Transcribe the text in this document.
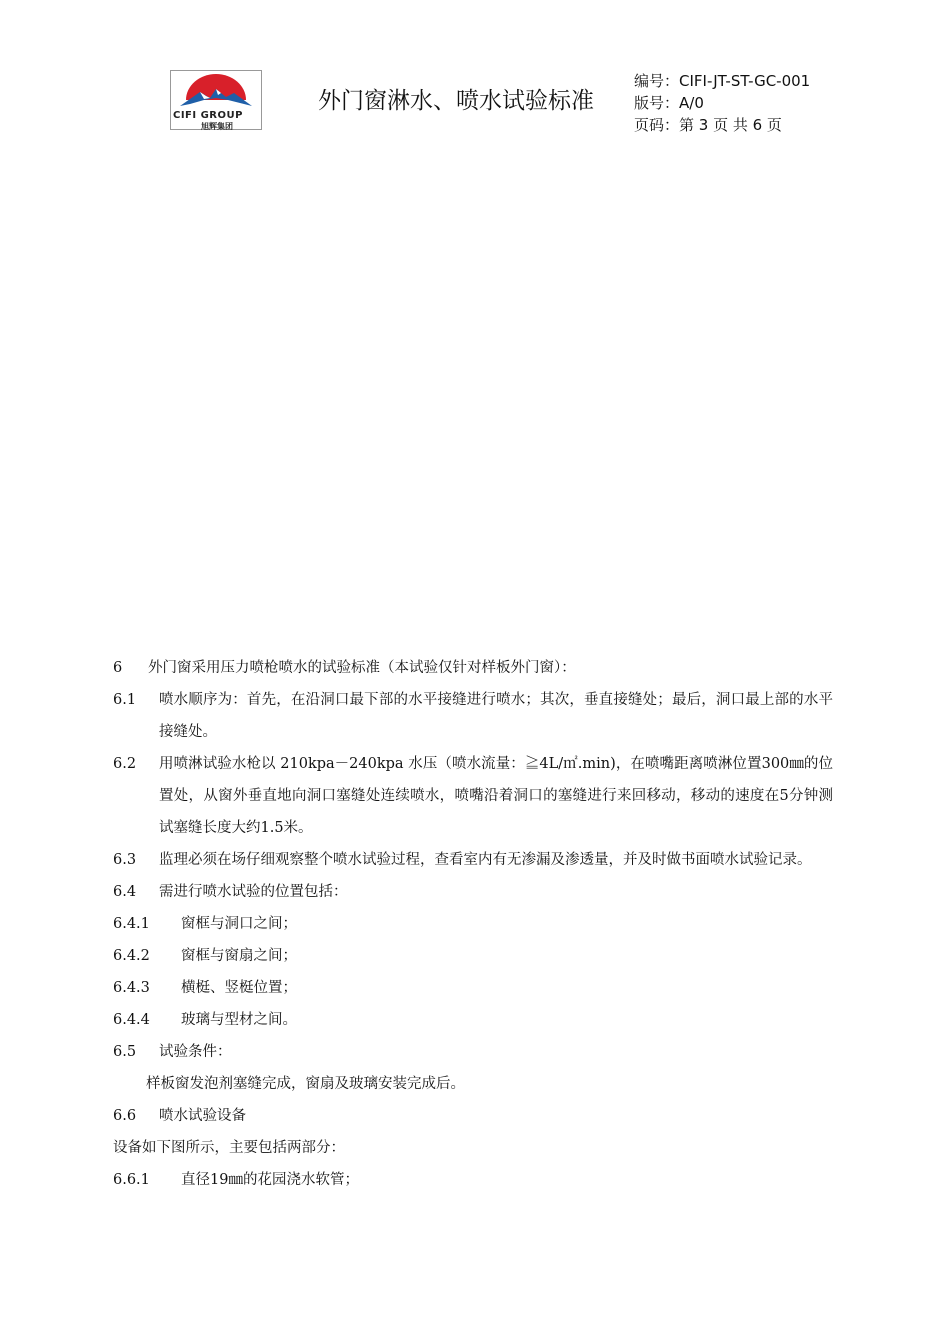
CIFI GROUP
旭辉集团
外门窗淋水、喷水试验标准
编号：CIFI-JT-ST-GC-001
版号：A/0
页码：第 3 页 共 6 页
6	外门窗采用压力喷枪喷水的试验标准（本试验仅针对样板外门窗）：
6.1	喷水顺序为：首先，在沿洞口最下部的水平接缝进行喷水；其次，垂直接缝处；最后，洞口最上部的水平接缝处。
6.2	用喷淋试验水枪以 210kpa－240kpa 水压（喷水流量：≧4L/㎡.min)，在喷嘴距离喷淋位置300㎜的位置处，从窗外垂直地向洞口塞缝处连续喷水，喷嘴沿着洞口的塞缝进行来回移动，移动的速度在5分钟测试塞缝长度大约1.5米。
6.3	监理必须在场仔细观察整个喷水试验过程，查看室内有无渗漏及渗透量，并及时做书面喷水试验记录。
6.4	需进行喷水试验的位置包括：
6.4.1	窗框与洞口之间；
6.4.2	窗框与窗扇之间；
6.4.3	横梃、竖梃位置；
6.4.4	玻璃与型材之间。
6.5	试验条件：
样板窗发泡剂塞缝完成，窗扇及玻璃安装完成后。
6.6	喷水试验设备
设备如下图所示，主要包括两部分：
6.6.1	直径19㎜的花园浇水软管；
